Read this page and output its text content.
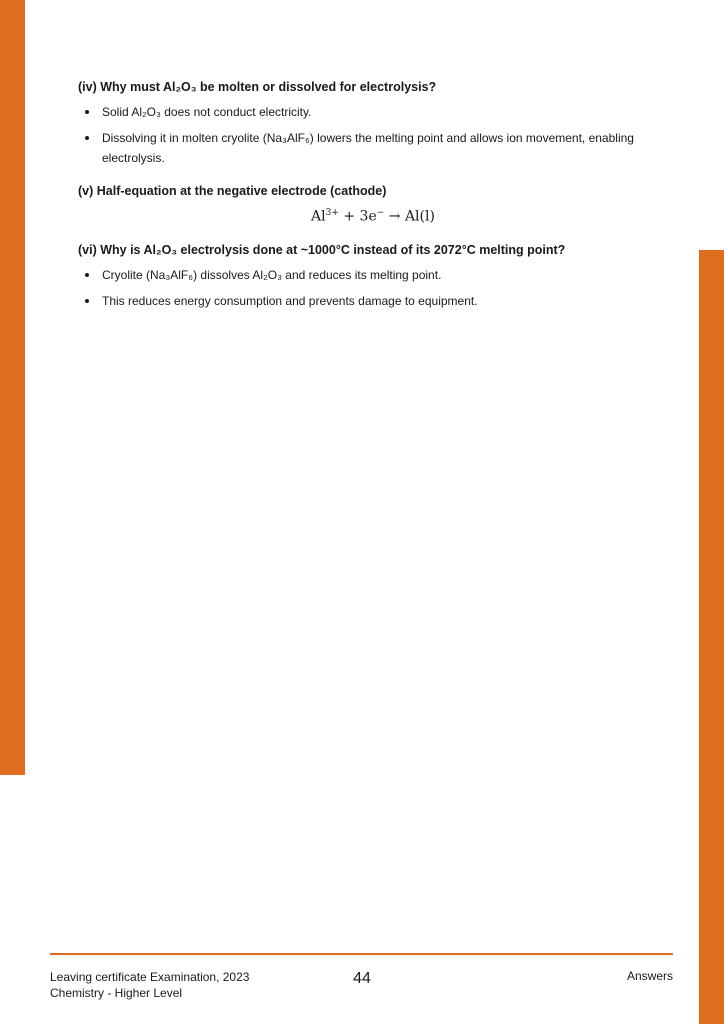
(iv) Why must Al₂O₃ be molten or dissolved for electrolysis?

Solid Al₂O₃ does not conduct electricity.
Dissolving it in molten cryolite (Na₃AlF₆) lowers the melting point and allows ion movement, enabling electrolysis.

(v) Half-equation at the negative electrode (cathode)

$Al^{3+} + 3e^- \to Al(l)$

(vi) Why is Al₂O₃ electrolysis done at ~1000°C instead of its 2072°C melting point?

Cryolite (Na₃AlF₆) dissolves Al₂O₃ and reduces its melting point.
This reduces energy consumption and prevents damage to equipment.
Leaving certificate Examination, 2023
Chemistry - Higher Level
44	Answers
